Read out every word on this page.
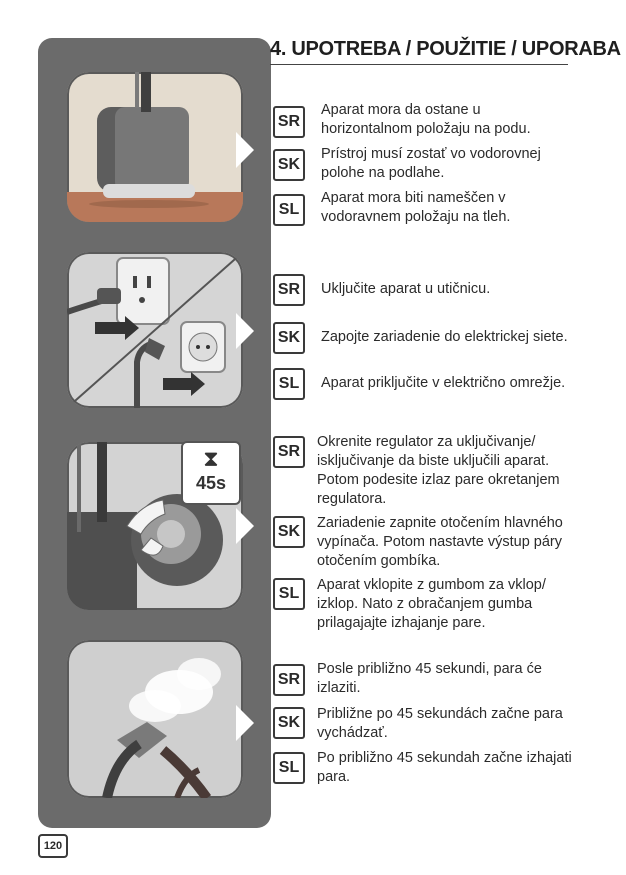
⧗
45s
4. UPOTREBA / POUŽITIE / UPORABA
SR
Aparat mora da ostane u horizontalnom položaju na podu.
SK
Prístroj musí zostať vo vodorovnej polohe na podlahe.
SL
Aparat mora biti nameščen v vodoravnem položaju na tleh.
SR	Uključite aparat u utičnicu.
SK	Zapojte zariadenie do elektrickej siete.
SL	Aparat priključite v električno omrežje.
SR
Okrenite regulator za uključivanje/ isključivanje da biste uključili aparat. Potom podesite izlaz pare okretanjem regulatora.
SK	Zariadenie zapnite otočením hlavného vypínača. Potom nastavte výstup páry otočením gombíka.
SL	Aparat vklopite z gumbom za vklop/ izklop. Nato z obračanjem gumba prilagajajte izhajanje pare.
SR
Posle približno 45 sekundi, para će izlaziti.
SK	Približne po 45 sekundách začne para vychádzať.
SL
Po približno 45 sekundah začne izhajati para.
120
